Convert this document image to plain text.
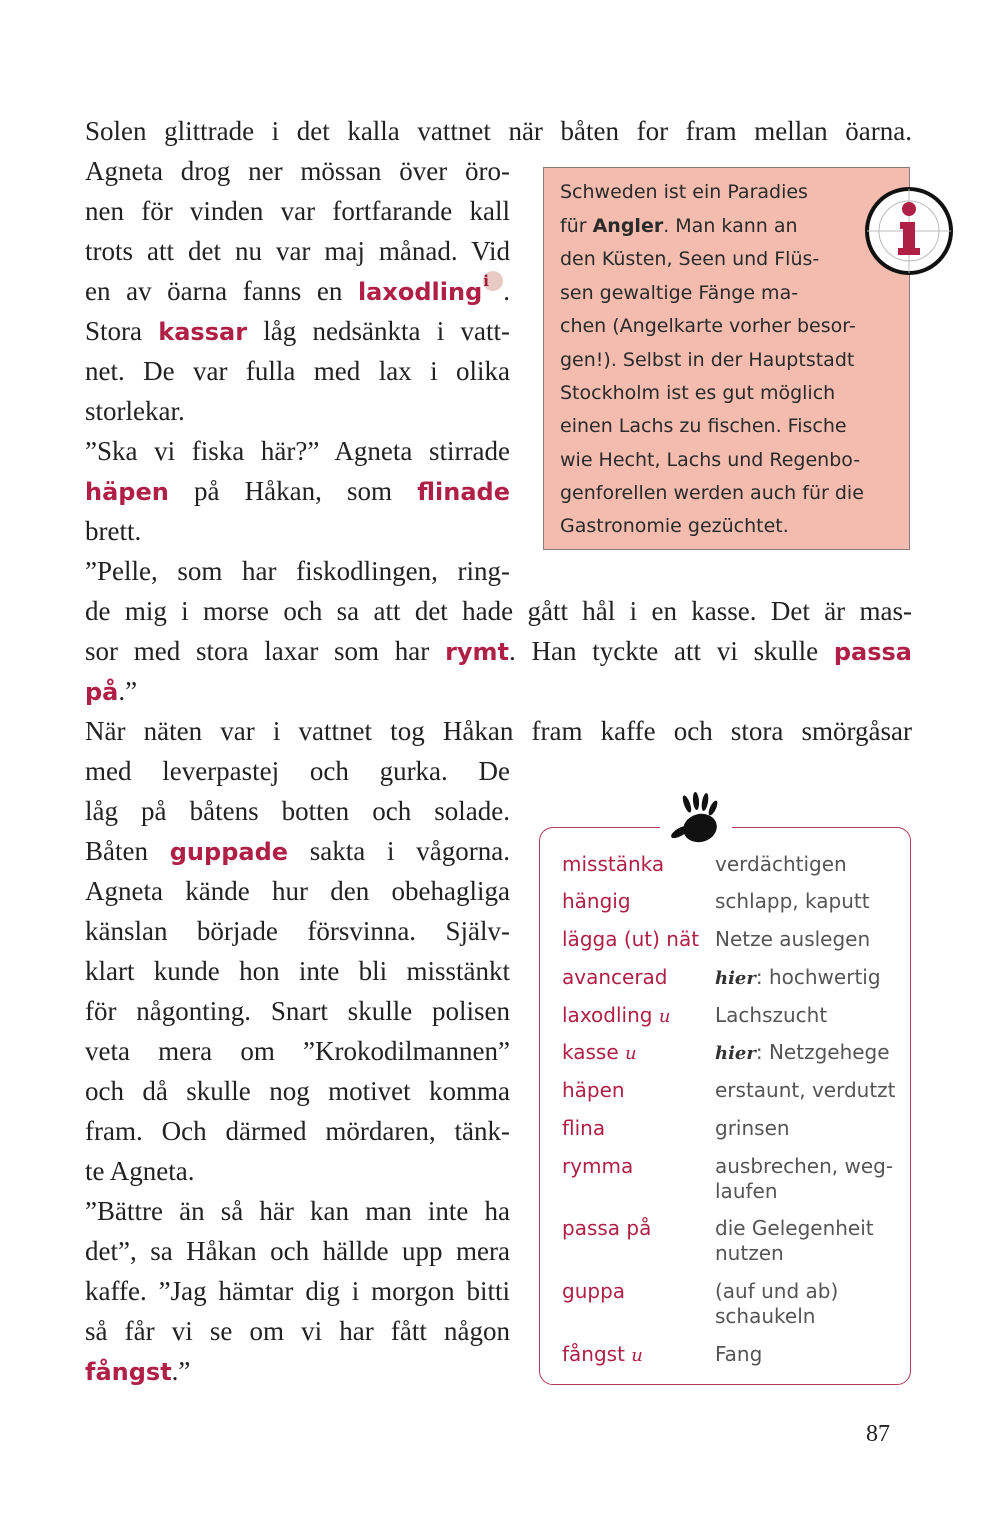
Solen glittrade i det kalla vattnet när båten for fram mellan öarna.
Agneta drog ner mössan över öro-
nen för vinden var fortfarande kall
trots att det nu var maj månad. Vid
en av öarna fanns en laxodlingi .
Stora kassar låg nedsänkta i vatt-
net. De var fulla med lax i olika
storlekar.
”Ska vi fiska här?” Agneta stirrade
häpen på Håkan, som flinade
brett.
”Pelle, som har fiskodlingen, ring-
de mig i morse och sa att det hade gått hål i en kasse. Det är mas-
sor med stora laxar som har rymt. Han tyckte att vi skulle passa
på.”
När näten var i vattnet tog Håkan fram kaffe och stora smörgåsar
med leverpastej och gurka. De
låg på båtens botten och solade.
Båten guppade sakta i vågorna.
Agneta kände hur den obehagliga
känslan började försvinna. Själv-
klart kunde hon inte bli misstänkt
för någonting. Snart skulle polisen
veta mera om ”Krokodilmannen”
och då skulle nog motivet komma
fram. Och därmed mördaren, tänk-
te Agneta.
”Bättre än så här kan man inte ha
det”, sa Håkan och hällde upp mera
kaffe. ”Jag hämtar dig i morgon bitti
så får vi se om vi har fått någon
fångst.”
Schweden ist ein Paradies
für Angler. Man kann an
den Küsten, Seen und Flüs-
sen gewaltige Fänge ma-
chen (Angelkarte vorher besor-
gen!). Selbst in der Hauptstadt
Stockholm ist es gut möglich
einen Lachs zu fischen. Fische
wie Hecht, Lachs und Regenbo-
genforellen werden auch für die
Gastronomie gezüchtet.
misstänka	verdächtigen
hängig	schlapp, kaputt
lägga (ut) nät Netze auslegen
avancerad	hier: hochwertig
laxodling u Lachszucht
kasse u	hier: Netzgehege
häpen	erstaunt, verdutzt
flina	grinsen
rymma	ausbrechen, weg-
laufen
passa på	die Gelegenheit
nutzen
guppa	(auf und ab)
schaukeln
fångst u	Fang
87
